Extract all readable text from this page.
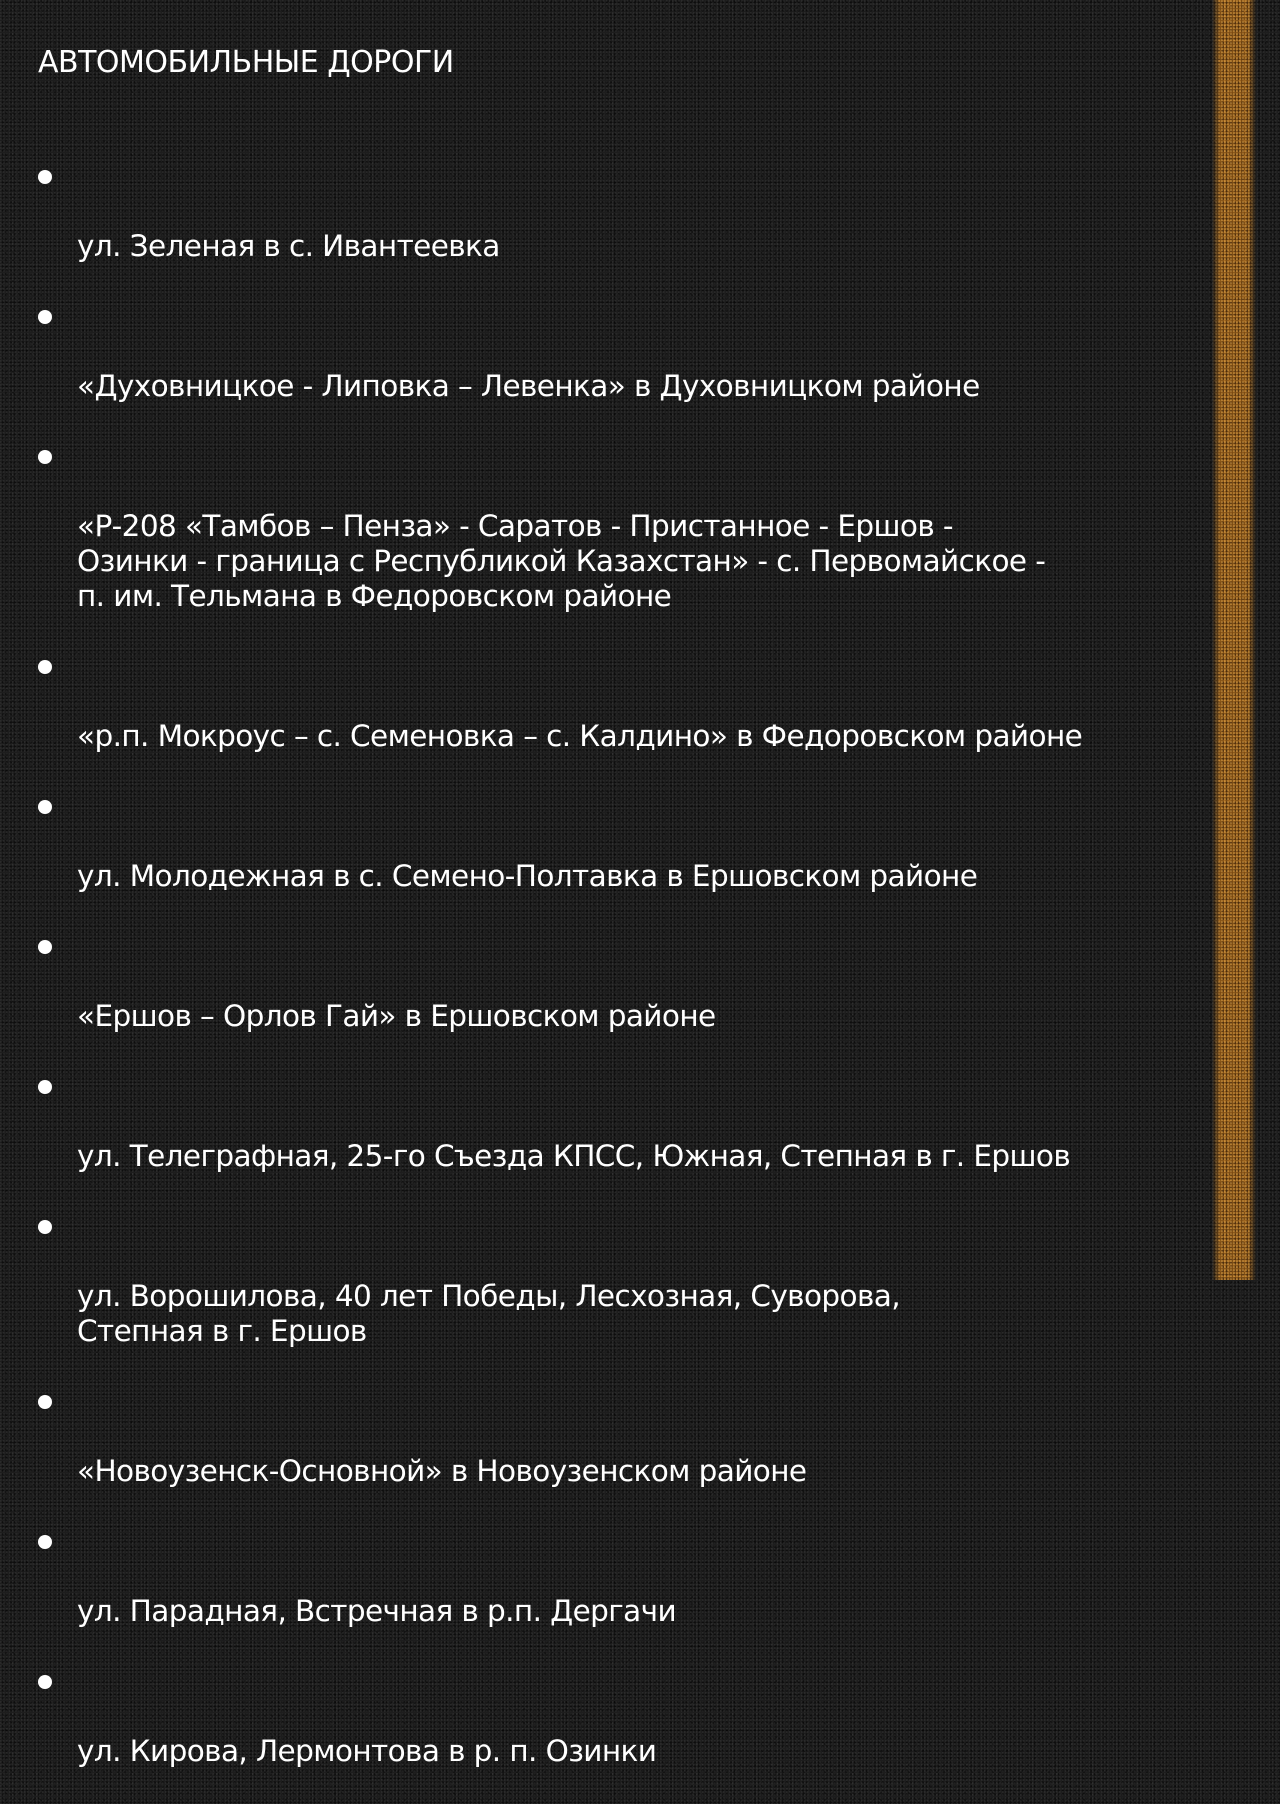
АВТОМОБИЛЬНЫЕ ДОРОГИ

ул. Зеленая в с. Ивантеевка

«Духовницкое - Липовка – Левенка» в Духовницком районе

«Р-208 «Тамбов – Пенза» - Саратов - Пристанное - Ершов -
Озинки - граница с Республикой Казахстан» - с. Первомайское -
п. им. Тельмана в Федоровском районе

«р.п. Мокроус – с. Семеновка – с. Калдино» в Федоровском районе

ул. Молодежная в с. Семено-Полтавка в Ершовском районе

«Ершов – Орлов Гай» в Ершовском районе

ул. Телеграфная, 25-го Съезда КПСС, Южная, Степная в г. Ершов

ул. Ворошилова, 40 лет Победы, Лесхозная, Суворова,
Степная в г. Ершов

«Новоузенск-Основной» в Новоузенском районе

ул. Парадная, Встречная в р.п. Дергачи

ул. Кирова, Лермонтова в р. п. Озинки
